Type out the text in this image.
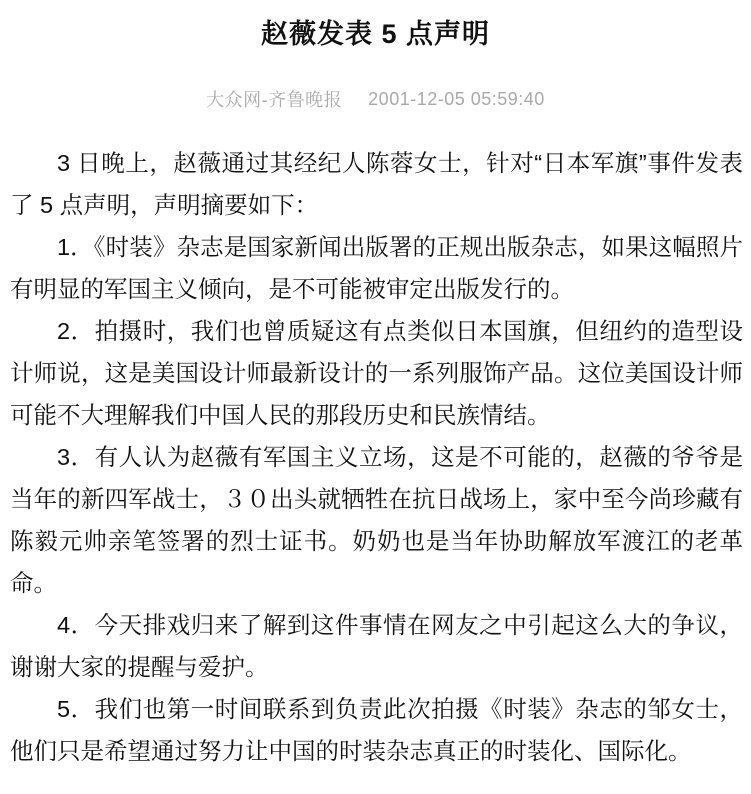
赵薇发表 5 点声明
大众网-齐鲁晚报 2001-12-05 05:59:40

3 日晚上，赵薇通过其经纪人陈蓉女士，针对“日本军旗”事件发表了 5 点声明，声明摘要如下：

1．《时装》杂志是国家新闻出版署的正规出版杂志，如果这幅照片有明显的军国主义倾向，是不可能被审定出版发行的。

2．拍摄时，我们也曾质疑这有点类似日本国旗，但纽约的造型设计师说，这是美国设计师最新设计的一系列服饰产品。这位美国设计师可能不大理解我们中国人民的那段历史和民族情结。

3．有人认为赵薇有军国主义立场，这是不可能的，赵薇的爷爷是当年的新四军战士，３０出头就牺牲在抗日战场上，家中至今尚珍藏有陈毅元帅亲笔签署的烈士证书。奶奶也是当年协助解放军渡江的老革命。

4．今天排戏归来了解到这件事情在网友之中引起这么大的争议，谢谢大家的提醒与爱护。

5．我们也第一时间联系到负责此次拍摄《时装》杂志的邹女士，他们只是希望通过努力让中国的时装杂志真正的时装化、国际化。
